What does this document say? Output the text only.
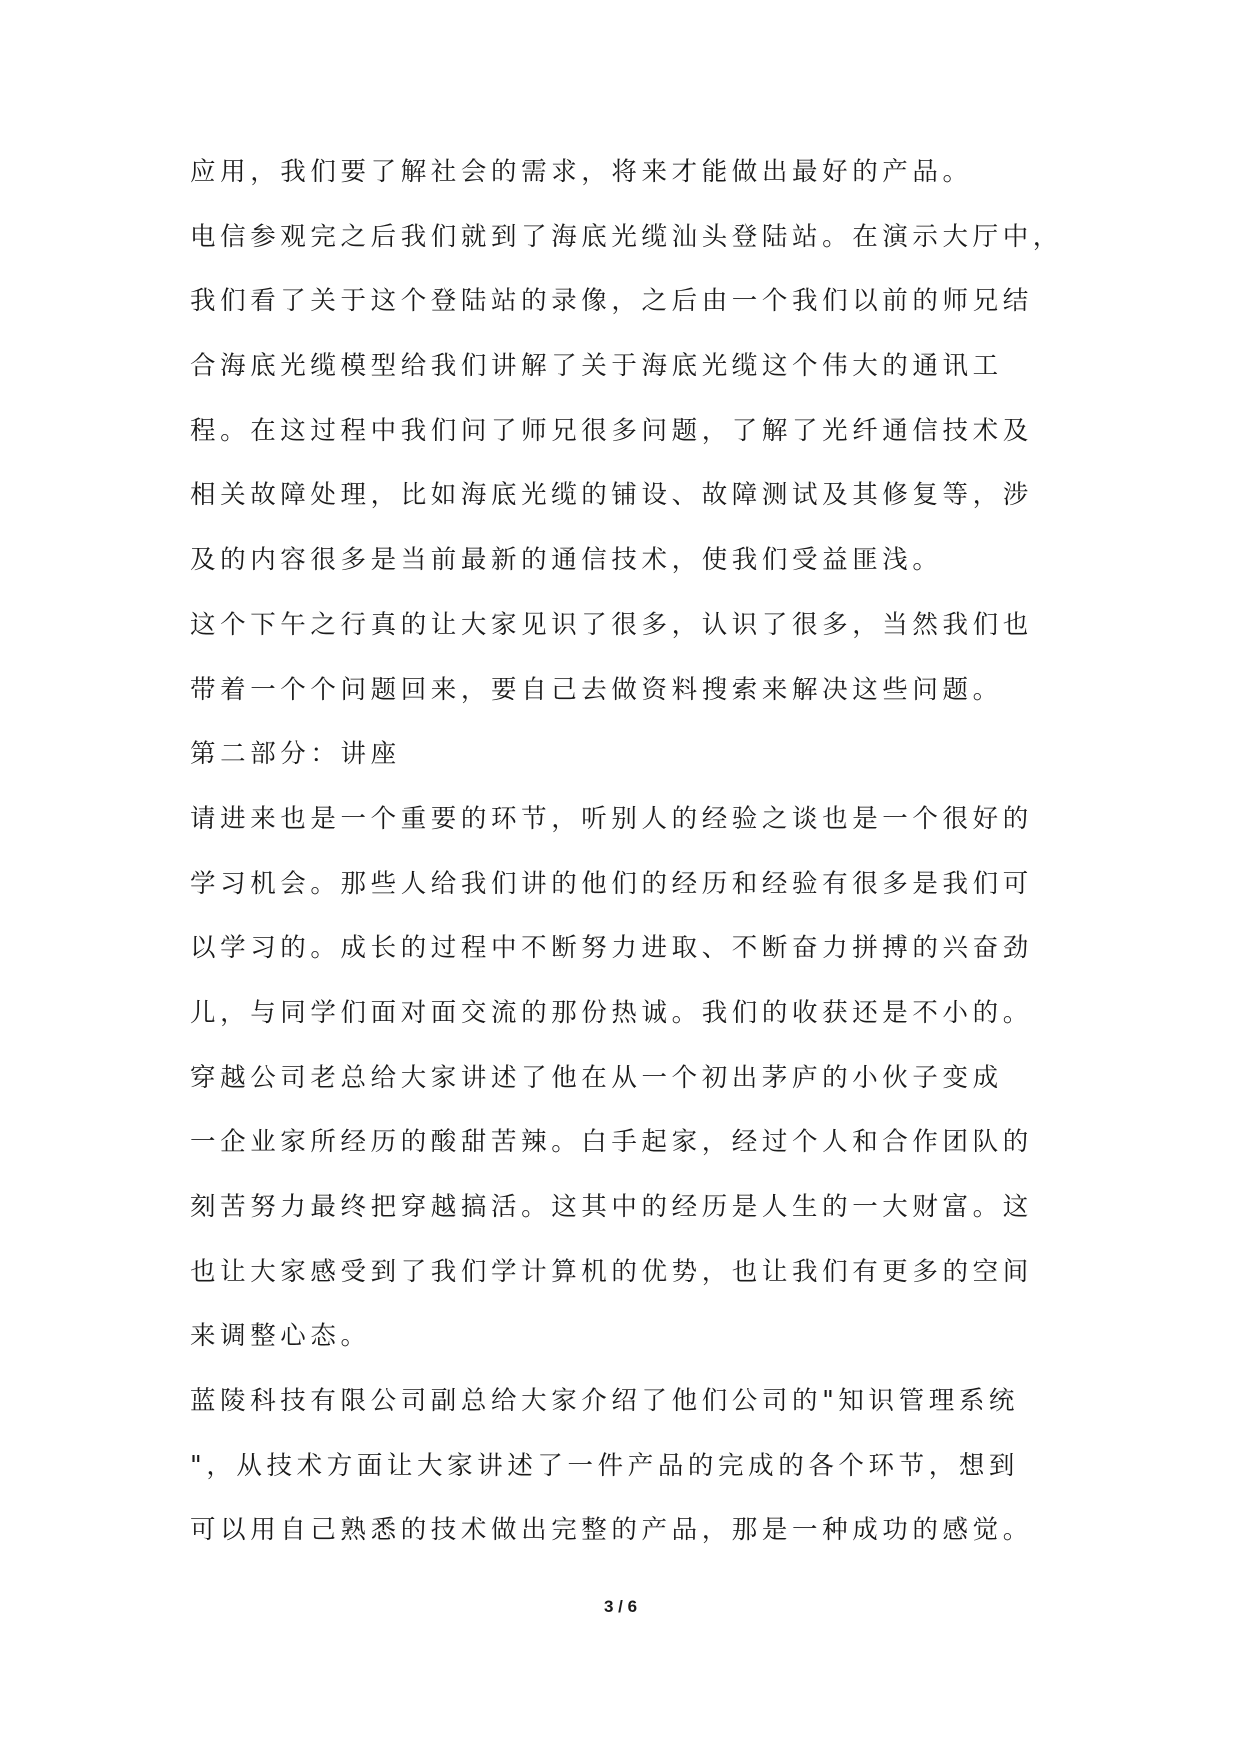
应用，我们要了解社会的需求，将来才能做出最好的产品。
电信参观完之后我们就到了海底光缆汕头登陆站。在演示大厅中，
我们看了关于这个登陆站的录像，之后由一个我们以前的师兄结
合海底光缆模型给我们讲解了关于海底光缆这个伟大的通讯工
程。在这过程中我们问了师兄很多问题，了解了光纤通信技术及
相关故障处理，比如海底光缆的铺设、故障测试及其修复等，涉
及的内容很多是当前最新的通信技术，使我们受益匪浅。
这个下午之行真的让大家见识了很多，认识了很多，当然我们也
带着一个个问题回来，要自己去做资料搜索来解决这些问题。
第二部分：讲座
请进来也是一个重要的环节，听别人的经验之谈也是一个很好的
学习机会。那些人给我们讲的他们的经历和经验有很多是我们可
以学习的。成长的过程中不断努力进取、不断奋力拼搏的兴奋劲
儿，与同学们面对面交流的那份热诚。我们的收获还是不小的。
穿越公司老总给大家讲述了他在从一个初出茅庐的小伙子变成
一企业家所经历的酸甜苦辣。白手起家，经过个人和合作团队的
刻苦努力最终把穿越搞活。这其中的经历是人生的一大财富。这
也让大家感受到了我们学计算机的优势，也让我们有更多的空间
来调整心态。
蓝陵科技有限公司副总给大家介绍了他们公司的"知识管理系统
"，从技术方面让大家讲述了一件产品的完成的各个环节，想到
可以用自己熟悉的技术做出完整的产品，那是一种成功的感觉。
3 / 6
